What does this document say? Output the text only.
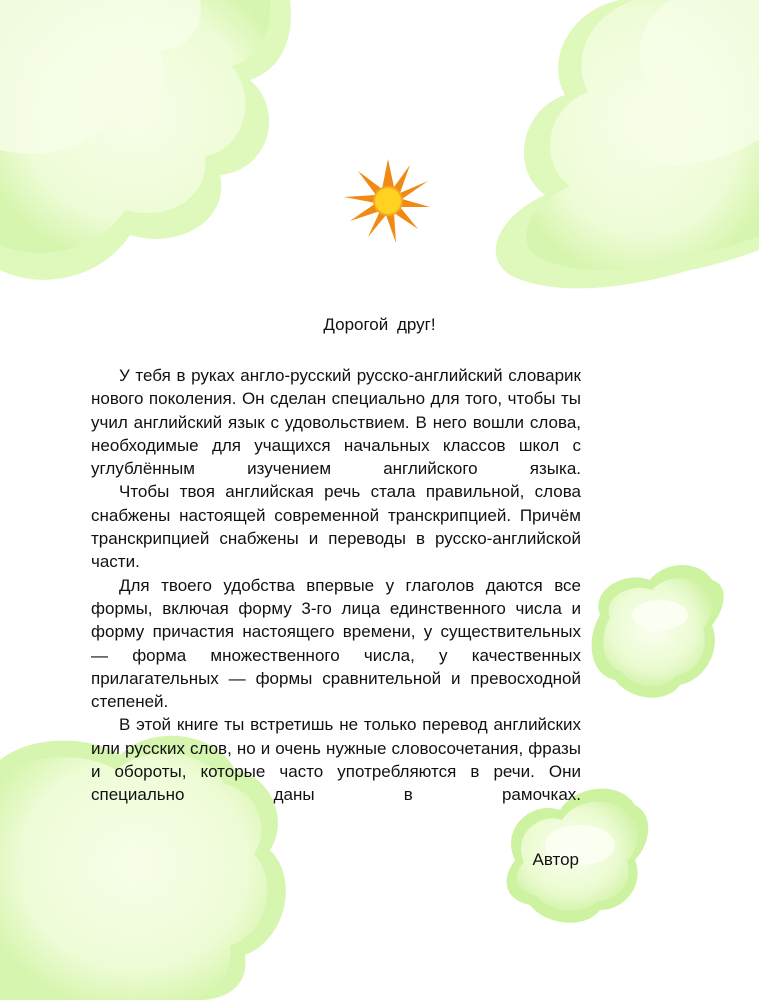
Дорогой друг!

У тебя в руках англо-русский русско-английский словарик нового поколения. Он сделан специально для того, чтобы ты учил английский язык с удовольствием. В него вошли слова, необходимые для учащихся начальных классов школ с углублённым изучением английского языка.

Чтобы твоя английская речь стала правильной, слова снабжены настоящей современной транскрипцией. Причём транскрипцией снабжены и переводы в русско-английской части.

Для твоего удобства впервые у глаголов даются все формы, включая форму 3-го лица единственного числа и форму причастия настоящего времени, у существительных — форма множественного числа, у качественных прилагательных — формы сравнительной и превосходной степеней.

В этой книге ты встретишь не только перевод английских или русских слов, но и очень нужные словосочетания, фразы и обороты, которые часто употребляются в речи. Они специально даны в рамочках.

Автор
